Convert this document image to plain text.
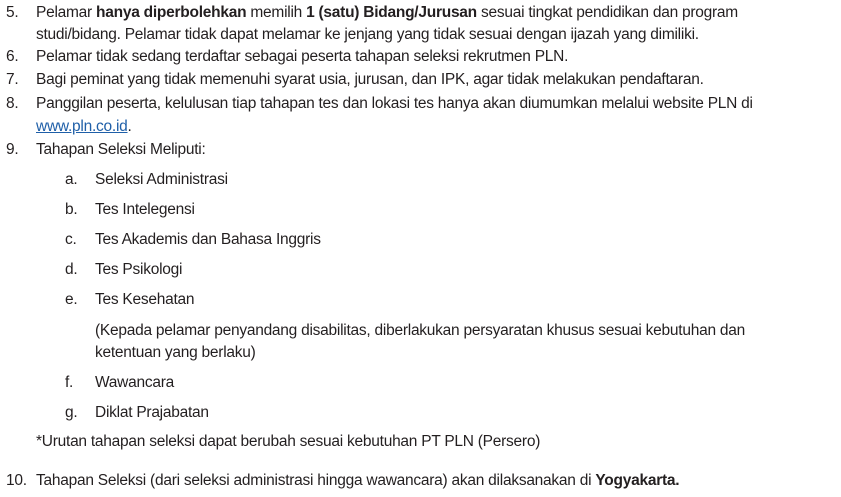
5. Pelamar hanya diperbolehkan memilih 1 (satu) Bidang/Jurusan sesuai tingkat pendidikan dan program
studi/bidang. Pelamar tidak dapat melamar ke jenjang yang tidak sesuai dengan ijazah yang dimiliki.
6. Pelamar tidak sedang terdaftar sebagai peserta tahapan seleksi rekrutmen PLN.
7. Bagi peminat yang tidak memenuhi syarat usia, jurusan, dan IPK, agar tidak melakukan pendaftaran.
8. Panggilan peserta, kelulusan tiap tahapan tes dan lokasi tes hanya akan diumumkan melalui website PLN di
www.pln.co.id.
9. Tahapan Seleksi Meliputi:
a. Seleksi Administrasi
b. Tes Intelegensi
c. Tes Akademis dan Bahasa Inggris
d. Tes Psikologi
e. Tes Kesehatan
(Kepada pelamar penyandang disabilitas, diberlakukan persyaratan khusus sesuai kebutuhan dan
ketentuan yang berlaku)
f. Wawancara
g. Diklat Prajabatan
*Urutan tahapan seleksi dapat berubah sesuai kebutuhan PT PLN (Persero)
10. Tahapan Seleksi (dari seleksi administrasi hingga wawancara) akan dilaksanakan di Yogyakarta.
